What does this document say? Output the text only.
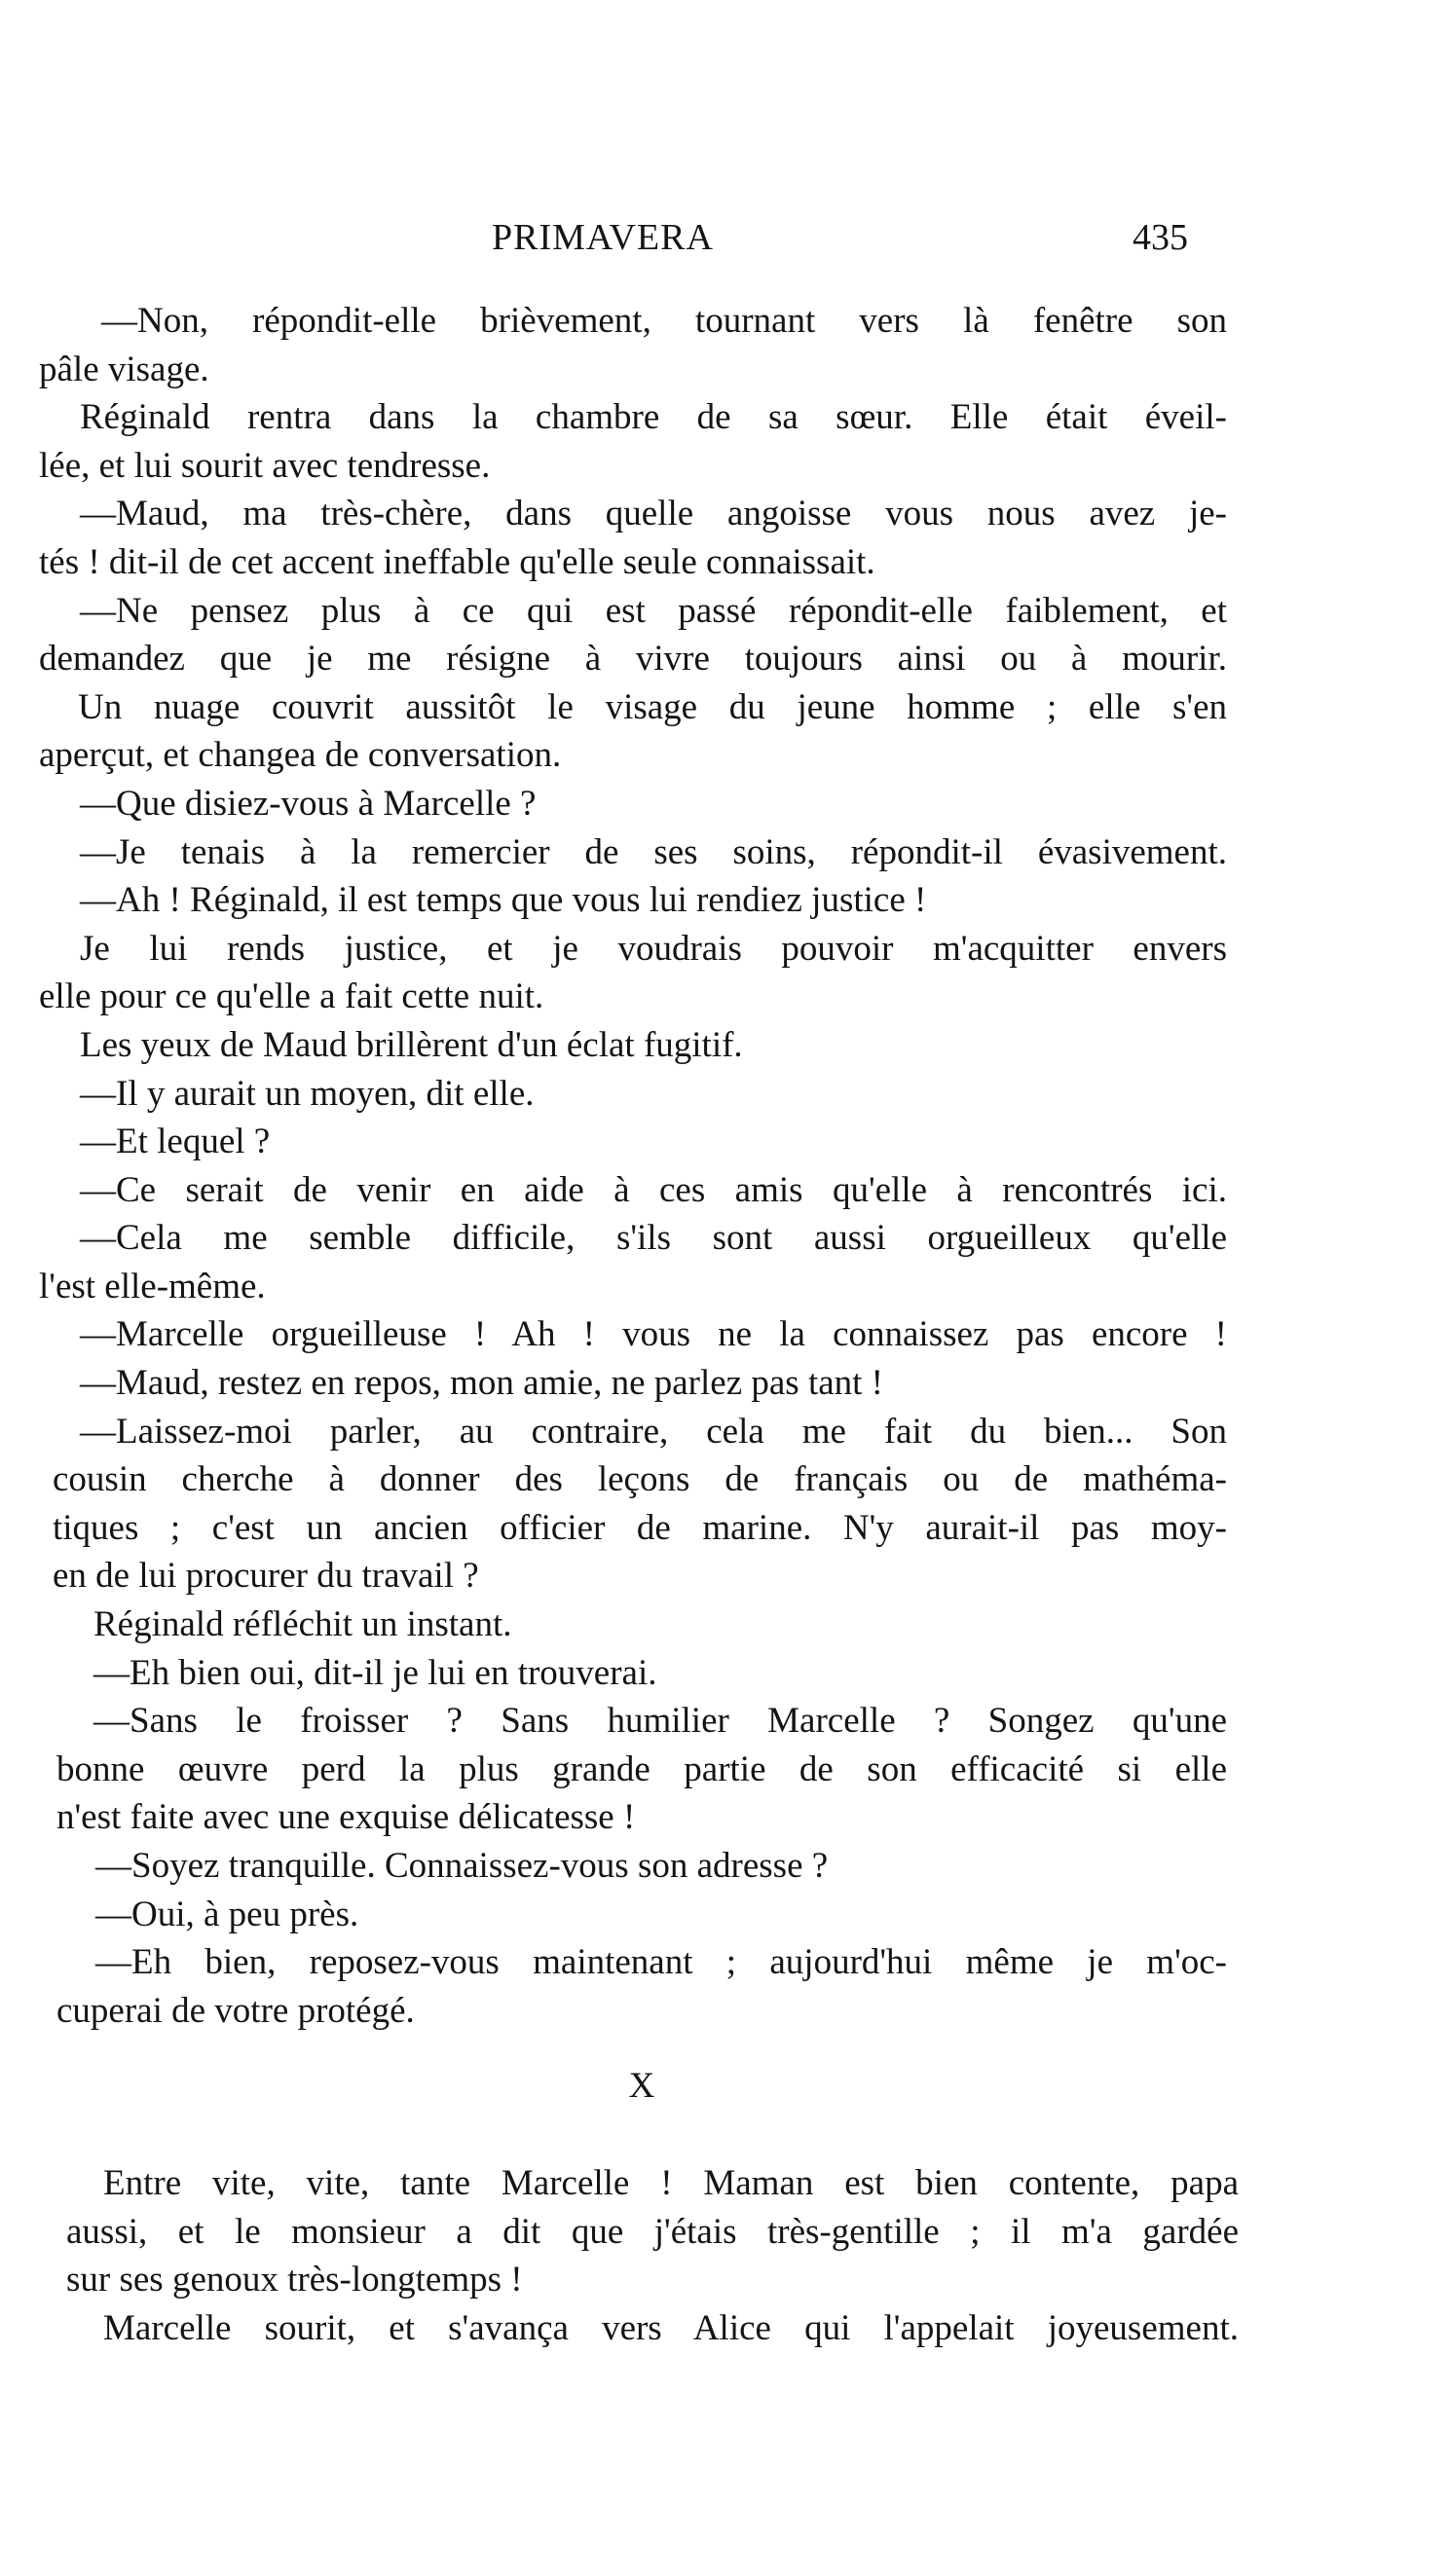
PRIMAVERA	435
—Non, répondit-elle brièvement, tournant vers là fenêtre son
pâle visage.
Réginald rentra dans la chambre de sa sœur. Elle était éveil-
lée, et lui sourit avec tendresse.
—Maud, ma très-chère, dans quelle angoisse vous nous avez je-
tés ! dit-il de cet accent ineffable qu'elle seule connaissait.
—Ne pensez plus à ce qui est passé répondit-elle faiblement, et
demandez que je me résigne à vivre toujours ainsi ou à mourir.
Un nuage couvrit aussitôt le visage du jeune homme ; elle s'en
aperçut, et changea de conversation.
—Que disiez-vous à Marcelle ?
—Je tenais à la remercier de ses soins, répondit-il évasivement.
—Ah ! Réginald, il est temps que vous lui rendiez justice !
Je lui rends justice, et je voudrais pouvoir m'acquitter envers
elle pour ce qu'elle a fait cette nuit.
Les yeux de Maud brillèrent d'un éclat fugitif.
—Il y aurait un moyen, dit elle.
—Et lequel ?
—Ce serait de venir en aide à ces amis qu'elle à rencontrés ici.
—Cela me semble difficile, s'ils sont aussi orgueilleux qu'elle
l'est elle-même.
—Marcelle orgueilleuse ! Ah ! vous ne la connaissez pas encore !
—Maud, restez en repos, mon amie, ne parlez pas tant !
—Laissez-moi parler, au contraire, cela me fait du bien... Son
cousin cherche à donner des leçons de français ou de mathéma-
tiques ; c'est un ancien officier de marine. N'y aurait-il pas moy-
en de lui procurer du travail ?
Réginald réfléchit un instant.
—Eh bien oui, dit-il je lui en trouverai.
—Sans le froisser ? Sans humilier Marcelle ? Songez qu'une
bonne œuvre perd la plus grande partie de son efficacité si elle
n'est faite avec une exquise délicatesse !
—Soyez tranquille. Connaissez-vous son adresse ?
—Oui, à peu près.
—Eh bien, reposez-vous maintenant ; aujourd'hui même je m'oc-
cuperai de votre protégé.
X
Entre vite, vite, tante Marcelle ! Maman est bien contente, papa
aussi, et le monsieur a dit que j'étais très-gentille ; il m'a gardée
sur ses genoux très-longtemps !
Marcelle sourit, et s'avança vers Alice qui l'appelait joyeusement.
